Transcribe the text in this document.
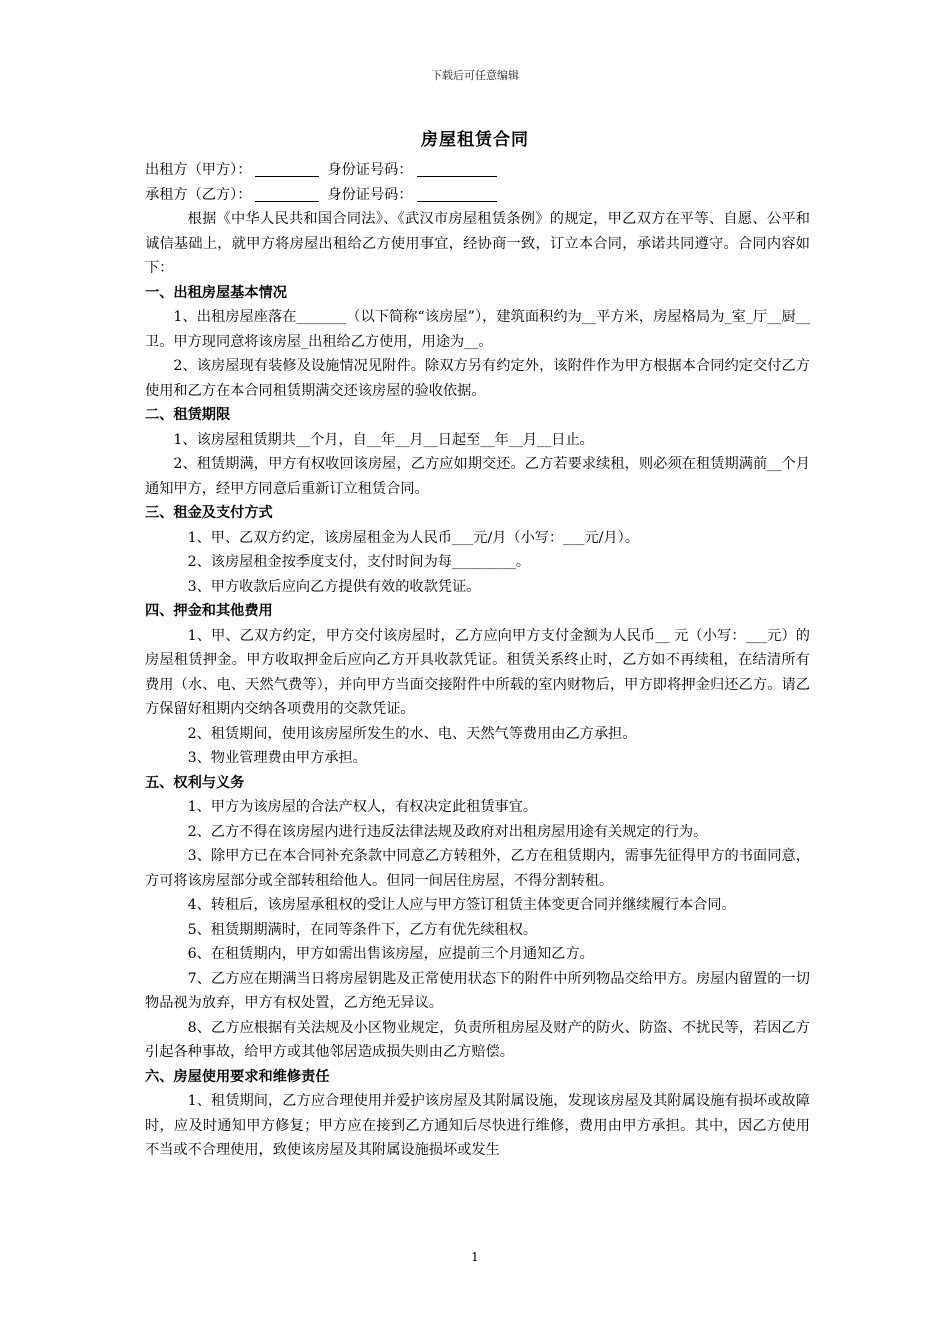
下载后可任意编辑
房屋租赁合同

出租方（甲方）：	身份证号码：

承租方（乙方）：	身份证号码：

根据《中华人民共和国合同法》、《武汉市房屋租赁条例》的规定，甲乙双方在平等、自愿、公平和诚信基础上，就甲方将房屋出租给乙方使用事宜，经协商一致，订立本合同，承诺共同遵守。合同内容如下：

一、出租房屋基本情况

1、出租房屋座落在_______（以下简称“该房屋”），建筑面积约为__平方米，房屋格局为_室_厅__厨__卫。甲方现同意将该房屋_出租给乙方使用，用途为__。

2、该房屋现有装修及设施情况见附件。除双方另有约定外，该附件作为甲方根据本合同约定交付乙方使用和乙方在本合同租赁期满交还该房屋的验收依据。

二、租赁期限

1、该房屋租赁期共__个月，自__年__月__日起至__年__月__日止。

2、租赁期满，甲方有权收回该房屋，乙方应如期交还。乙方若要求续租，则必须在租赁期满前__个月通知甲方，经甲方同意后重新订立租赁合同。

三、租金及支付方式

1、甲、乙双方约定，该房屋租金为人民币___元/月（小写：___元/月）。

2、该房屋租金按季度支付，支付时间为每_________。

3、甲方收款后应向乙方提供有效的收款凭证。

四、押金和其他费用

1、甲、乙双方约定，甲方交付该房屋时，乙方应向甲方支付金额为人民币__ 元（小写：___元）的房屋租赁押金。甲方收取押金后应向乙方开具收款凭证。租赁关系终止时，乙方如不再续租，在结清所有费用（水、电、天然气费等），并向甲方当面交接附件中所载的室内财物后，甲方即将押金归还乙方。请乙方保留好租期内交纳各项费用的交款凭证。

2、租赁期间，使用该房屋所发生的水、电、天然气等费用由乙方承担。

3、物业管理费由甲方承担。

五、权利与义务

1、甲方为该房屋的合法产权人，有权决定此租赁事宜。

2、乙方不得在该房屋内进行违反法律法规及政府对出租房屋用途有关规定的行为。

3、除甲方已在本合同补充条款中同意乙方转租外，乙方在租赁期内，需事先征得甲方的书面同意，方可将该房屋部分或全部转租给他人。但同一间居住房屋，不得分割转租。

4、转租后，该房屋承租权的受让人应与甲方签订租赁主体变更合同并继续履行本合同。

5、租赁期期满时，在同等条件下，乙方有优先续租权。

6、在租赁期内，甲方如需出售该房屋，应提前三个月通知乙方。

7、乙方应在期满当日将房屋钥匙及正常使用状态下的附件中所列物品交给甲方。房屋内留置的一切物品视为放弃，甲方有权处置，乙方绝无异议。

8、乙方应根据有关法规及小区物业规定，负责所租房屋及财产的防火、防盗、不扰民等，若因乙方引起各种事故，给甲方或其他邻居造成损失则由乙方赔偿。

六、房屋使用要求和维修责任

1、租赁期间，乙方应合理使用并爱护该房屋及其附属设施，发现该房屋及其附属设施有损坏或故障时，应及时通知甲方修复；甲方应在接到乙方通知后尽快进行维修，费用由甲方承担。其中，因乙方使用不当或不合理使用，致使该房屋及其附属设施损坏或发生

1
